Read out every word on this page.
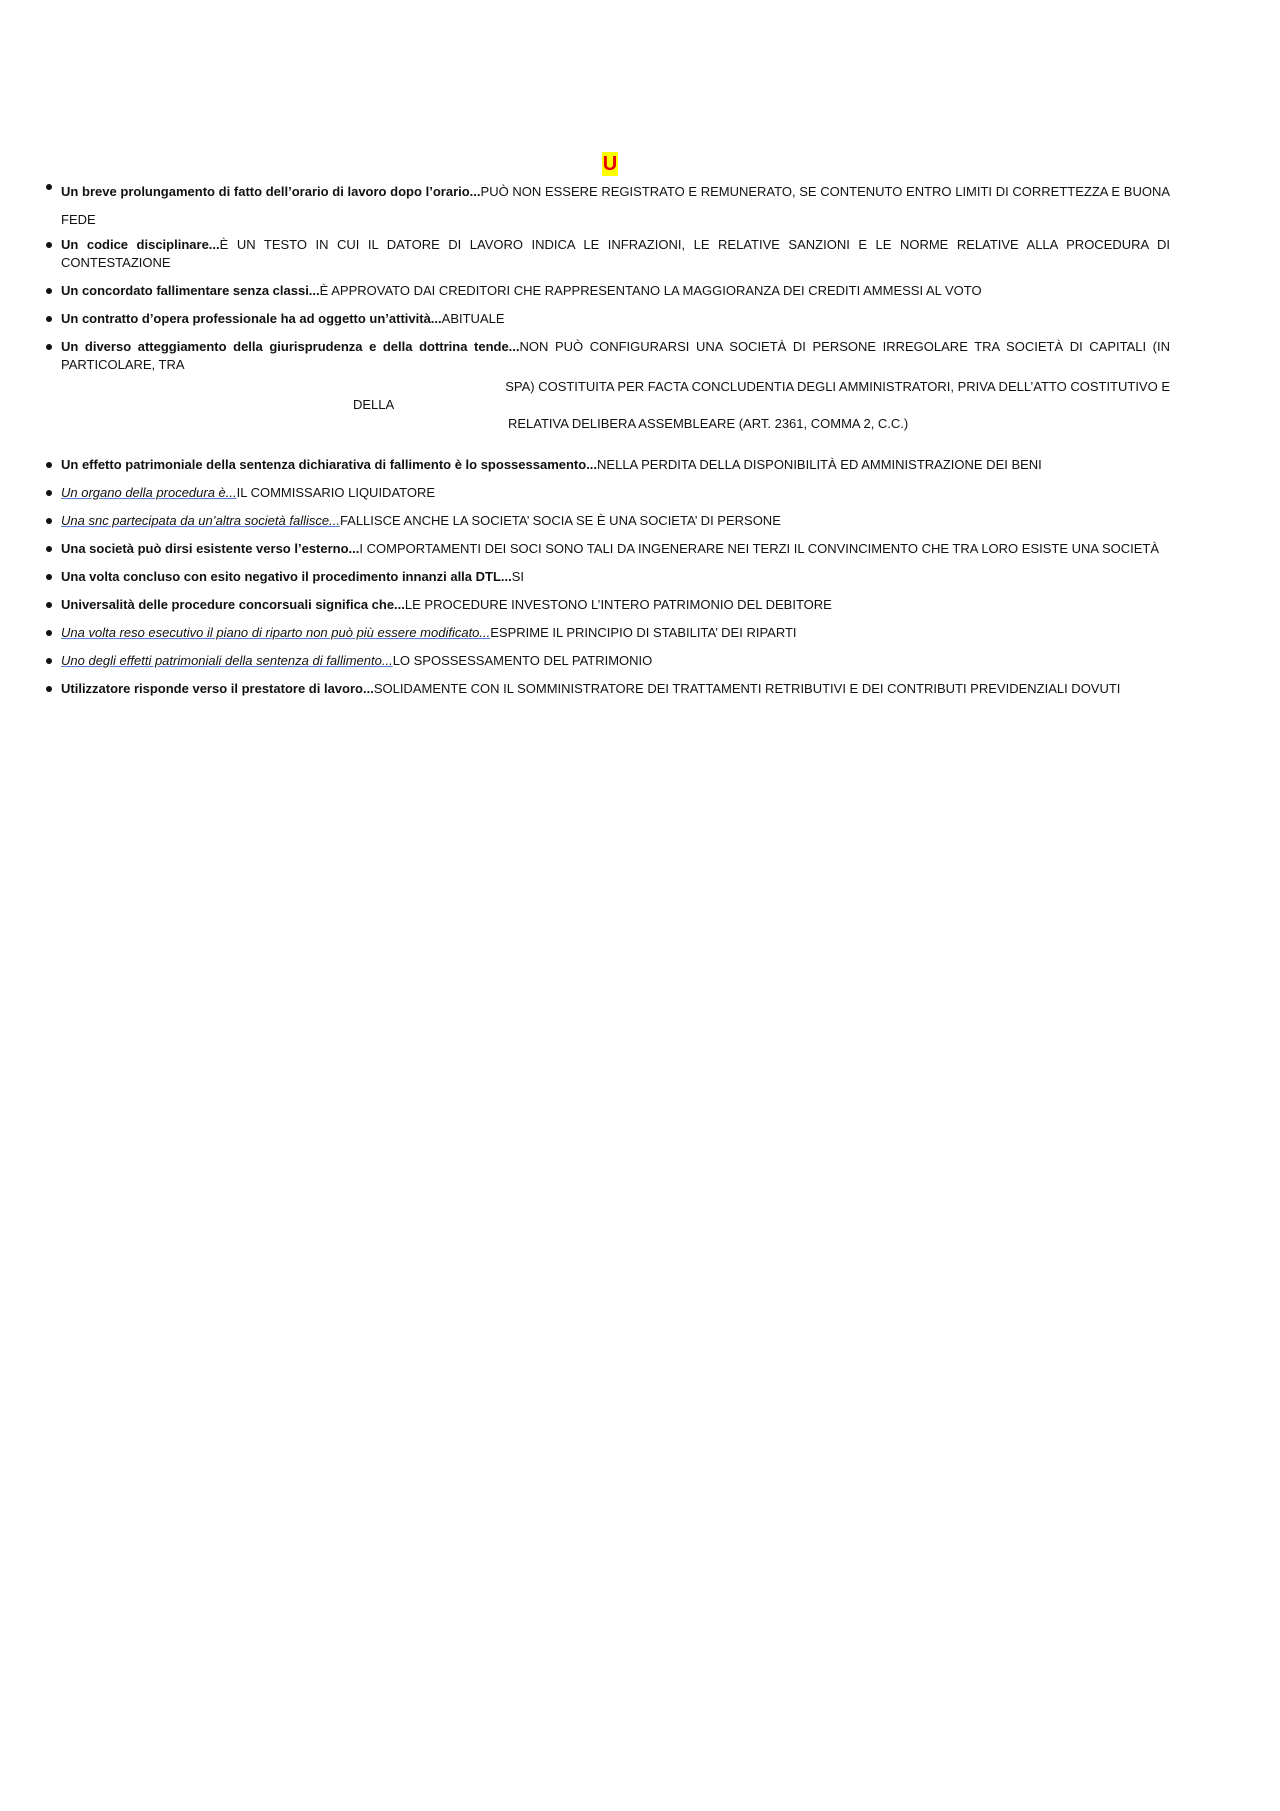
U
Un breve prolungamento di fatto dell’orario di lavoro dopo l’orario...PUÒ NON ESSERE REGISTRATO E REMUNERATO, SE CONTENUTO ENTRO LIMITI DI CORRETTEZZA E BUONA FEDE
Un codice disciplinare...È UN TESTO IN CUI IL DATORE DI LAVORO INDICA LE INFRAZIONI, LE RELATIVE SANZIONI E LE NORME RELATIVE ALLA PROCEDURA DI CONTESTAZIONE
Un concordato fallimentare senza classi...È APPROVATO DAI CREDITORI CHE RAPPRESENTANO LA MAGGIORANZA DEI CREDITI AMMESSI AL VOTO
Un contratto d’opera professionale ha ad oggetto un’attività...ABITUALE
Un diverso atteggiamento della giurisprudenza e della dottrina tende...NON PUÒ CONFIGURARSI UNA SOCIETÀ DI PERSONE IRREGOLARE TRA SOCIETÀ DI CAPITALI (IN PARTICOLARE, TRA
SPA) COSTITUITA PER FACTA CONCLUDENTIA DEGLI AMMINISTRATORI, PRIVA DELL’ATTO COSTITUTIVO E
DELLA
RELATIVA DELIBERA ASSEMBLEARE (ART. 2361, COMMA 2, C.C.)
Un effetto patrimoniale della sentenza dichiarativa di fallimento è lo spossessamento...NELLA PERDITA DELLA DISPONIBILITÀ ED AMMINISTRAZIONE DEI BENI
Un organo della procedura è...IL COMMISSARIO LIQUIDATORE
Una snc partecipata da un’altra società fallisce...FALLISCE ANCHE LA SOCIETA’ SOCIA SE È UNA SOCIETA’ DI PERSONE
Una società può dirsi esistente verso l’esterno...I COMPORTAMENTI DEI SOCI SONO TALI DA INGENERARE NEI TERZI IL CONVINCIMENTO CHE TRA LORO ESISTE UNA SOCIETÀ
Una volta concluso con esito negativo il procedimento innanzi alla DTL...SI
Universalità delle procedure concorsuali significa che...LE PROCEDURE INVESTONO L’INTERO PATRIMONIO DEL DEBITORE
Una volta reso esecutivo il piano di riparto non può più essere modificato...ESPRIME IL PRINCIPIO DI STABILITA’ DEI RIPARTI
Uno degli effetti patrimoniali della sentenza di fallimento...LO SPOSSESSAMENTO DEL PATRIMONIO
Utilizzatore risponde verso il prestatore di lavoro...SOLIDAMENTE CON IL SOMMINISTRATORE DEI TRATTAMENTI RETRIBUTIVI E DEI CONTRIBUTI PREVIDENZIALI DOVUTI
